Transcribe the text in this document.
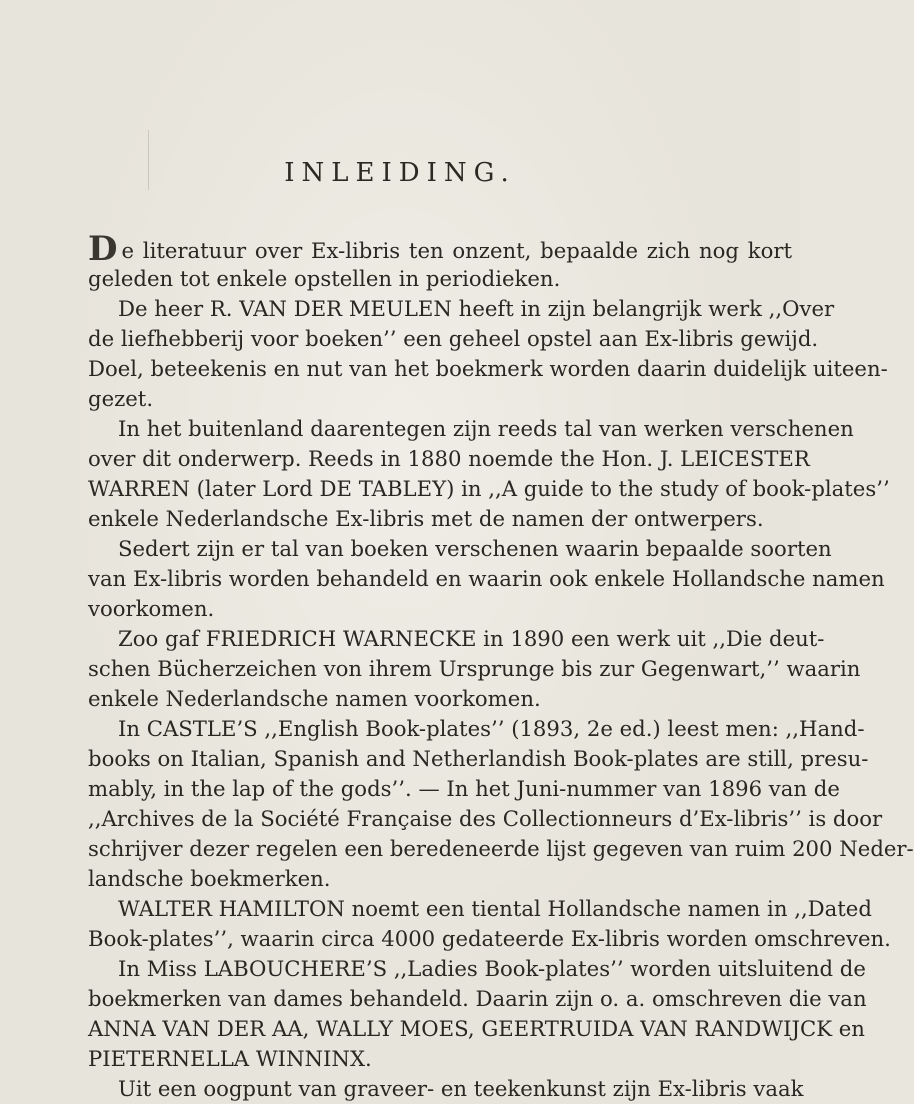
INLEIDING.
De literatuur over Ex-libris ten onzent, bepaalde zich nog kort
geleden tot enkele opstellen in periodieken.
De heer R. VAN DER MEULEN heeft in zijn belangrijk werk ,,Over
de liefhebberij voor boeken’’ een geheel opstel aan Ex-libris gewijd.
Doel, beteekenis en nut van het boekmerk worden daarin duidelijk uiteen-
gezet.
In het buitenland daarentegen zijn reeds tal van werken verschenen
over dit onderwerp. Reeds in 1880 noemde the Hon. J. LEICESTER
WARREN (later Lord DE TABLEY) in ,,A guide to the study of book-plates’’
enkele Nederlandsche Ex-libris met de namen der ontwerpers.
Sedert zijn er tal van boeken verschenen waarin bepaalde soorten
van Ex-libris worden behandeld en waarin ook enkele Hollandsche namen
voorkomen.
Zoo gaf FRIEDRICH WARNECKE in 1890 een werk uit ,,Die deut-
schen Bücherzeichen von ihrem Ursprunge bis zur Gegenwart,’’ waarin
enkele Nederlandsche namen voorkomen.
In CASTLE’S ,,English Book-plates’’ (1893, 2e ed.) leest men: ,,Hand-
books on Italian, Spanish and Netherlandish Book-plates are still, presu-
mably, in the lap of the gods’’. — In het Juni-nummer van 1896 van de
,,Archives de la Société Française des Collectionneurs d’Ex-libris’’ is door
schrijver dezer regelen een beredeneerde lijst gegeven van ruim 200 Neder-
landsche boekmerken.
WALTER HAMILTON noemt een tiental Hollandsche namen in ,,Dated
Book-plates’’, waarin circa 4000 gedateerde Ex-libris worden omschreven.
In Miss LABOUCHERE’S ,,Ladies Book-plates’’ worden uitsluitend de
boekmerken van dames behandeld. Daarin zijn o. a. omschreven die van
ANNA VAN DER AA, WALLY MOES, GEERTRUIDA VAN RANDWIJCK en
PIETERNELLA WINNINX.
Uit een oogpunt van graveer- en teekenkunst zijn Ex-libris vaak
